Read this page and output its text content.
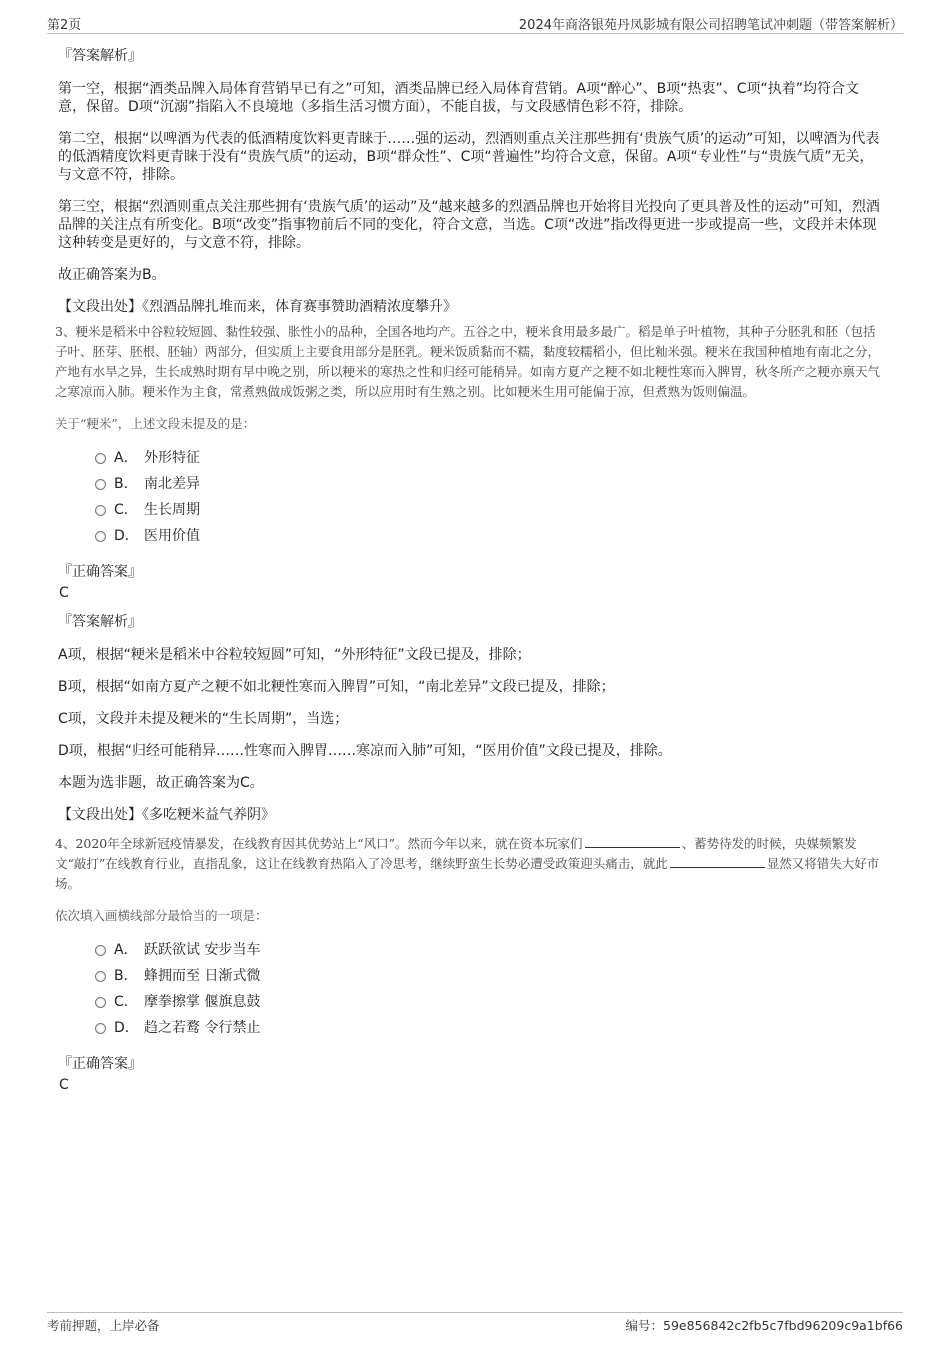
第2页	2024年商洛银苑丹凤影城有限公司招聘笔试冲刺题（带答案解析）
『答案解析』

第一空，根据“酒类品牌入局体育营销早已有之”可知，酒类品牌已经入局体育营销。A项“醉心”、B项“热衷”、C项“执着”均符合文意，保留。D项“沉溺”指陷入不良境地（多指生活习惯方面），不能自拔，与文段感情色彩不符，排除。

第二空，根据“以啤酒为代表的低酒精度饮料更青睐于……强的运动，烈酒则重点关注那些拥有‘贵族气质’的运动”可知，以啤酒为代表的低酒精度饮料更青睐于没有“贵族气质”的运动，B项“群众性”、C项“普遍性”均符合文意，保留。A项“专业性”与“贵族气质”无关，与文意不符，排除。

第三空，根据“烈酒则重点关注那些拥有‘贵族气质’的运动”及“越来越多的烈酒品牌也开始将目光投向了更具普及性的运动”可知，烈酒品牌的关注点有所变化。B项“改变”指事物前后不同的变化，符合文意，当选。C项“改进”指改得更进一步或提高一些，文段并未体现这种转变是更好的，与文意不符，排除。

故正确答案为B。

【文段出处】《烈酒品牌扎堆而来，体育赛事赞助酒精浓度攀升》

3、粳米是稻米中谷粒较短圆、黏性较强、胀性小的品种，全国各地均产。五谷之中，粳米食用最多最广。稻是单子叶植物，其种子分胚乳和胚（包括子叶、胚芽、胚根、胚轴）两部分，但实质上主要食用部分是胚乳。粳米饭质黏而不糯，黏度较糯稻小，但比籼米强。粳米在我国种植地有南北之分，产地有水旱之异，生长成熟时期有早中晚之别，所以粳米的寒热之性和归经可能稍异。如南方夏产之粳不如北粳性寒而入脾胃，秋冬所产之粳亦禀天气之寒凉而入肺。粳米作为主食，常煮熟做成饭粥之类，所以应用时有生熟之别。比如粳米生用可能偏于凉，但煮熟为饭则偏温。
关于“粳米”，上述文段未提及的是：
A． 外形特征
B． 南北差异
C． 生长周期
D． 医用价值
『正确答案』
C
『答案解析』

A项，根据“粳米是稻米中谷粒较短圆”可知，“外形特征”文段已提及，排除；

B项，根据“如南方夏产之粳不如北粳性寒而入脾胃”可知，“南北差异”文段已提及，排除；

C项，文段并未提及粳米的“生长周期”，当选；

D项，根据“归经可能稍异……性寒而入脾胃……寒凉而入肺”可知，“医用价值”文段已提及，排除。

本题为选非题，故正确答案为C。

【文段出处】《多吃粳米益气养阴》

4、2020年全球新冠疫情暴发，在线教育因其优势站上“风口”。然而今年以来，就在资本玩家们	、蓄势待发的时候，央媒频繁发文“敲打”在线教育行业，直指乱象，这让在线教育热陷入了冷思考，继续野蛮生长势必遭受政策迎头痛击，就此	显然又将错失大好市场。
依次填入画横线部分最恰当的一项是：
A． 跃跃欲试 安步当车
B． 蜂拥而至 日渐式微
C． 摩拳擦掌 偃旗息鼓
D． 趋之若鹜 令行禁止
『正确答案』
C
考前押题，上岸必备	编号：59e856842c2fb5c7fbd96209c9a1bf66
